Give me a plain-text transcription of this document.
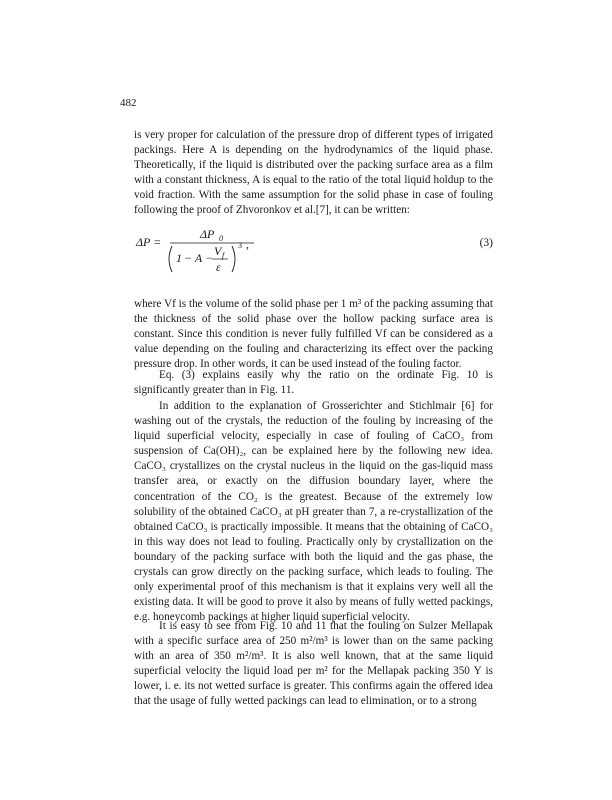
482

is very proper for calculation of the pressure drop of different types of irrigated packings. Here A is depending on the hydrodynamics of the liquid phase. Theoretically, if the liquid is distributed over the packing surface area as a film with a constant thickness, A is equal to the ratio of the total liquid holdup to the void fraction. With the same assumption for the solid phase in case of fouling following the proof of Zhvoronkov et al.[7], it can be written:

ΔP =
ΔP 0
1 − A − V f
ε
3 ,	(3)

where Vf is the volume of the solid phase per 1 m³ of the packing assuming that the thickness of the solid phase over the hollow packing surface area is constant. Since this condition is never fully fulfilled Vf can be considered as a value depending on the fouling and characterizing its effect over the packing pressure drop. In other words, it can be used instead of the fouling factor.

Eq. (3) explains easily why the ratio on the ordinate Fig. 10 is significantly greater than in Fig. 11.

In addition to the explanation of Grosserichter and Stichlmair [6] for washing out of the crystals, the reduction of the fouling by increasing of the liquid superficial velocity, especially in case of fouling of CaCO₃ from suspension of Ca(OH)₂, can be explained here by the following new idea. CaCO₃ crystallizes on the crystal nucleus in the liquid on the gas-liquid mass transfer area, or exactly on the diffusion boundary layer, where the concentration of the CO₂ is the greatest. Because of the extremely low solubility of the obtained CaCO₃ at pH greater than 7, a re-crystallization of the obtained CaCO₃ is practically impossible. It means that the obtaining of CaCO₃ in this way does not lead to fouling. Practically only by crystallization on the boundary of the packing surface with both the liquid and the gas phase, the crystals can grow directly on the packing surface, which leads to fouling. The only experimental proof of this mechanism is that it explains very well all the existing data. It will be good to prove it also by means of fully wetted packings, e.g. honeycomb packings at higher liquid superficial velocity.

It is easy to see from Fig. 10 and 11 that the fouling on Sulzer Mellapak with a specific surface area of 250 m²/m³ is lower than on the same packing with an area of 350 m²/m³. It is also well known, that at the same liquid superficial velocity the liquid load per m² for the Mellapak packing 350 Y is lower, i. e. its not wetted surface is greater. This confirms again the offered idea that the usage of fully wetted packings can lead to elimination, or to a strong
